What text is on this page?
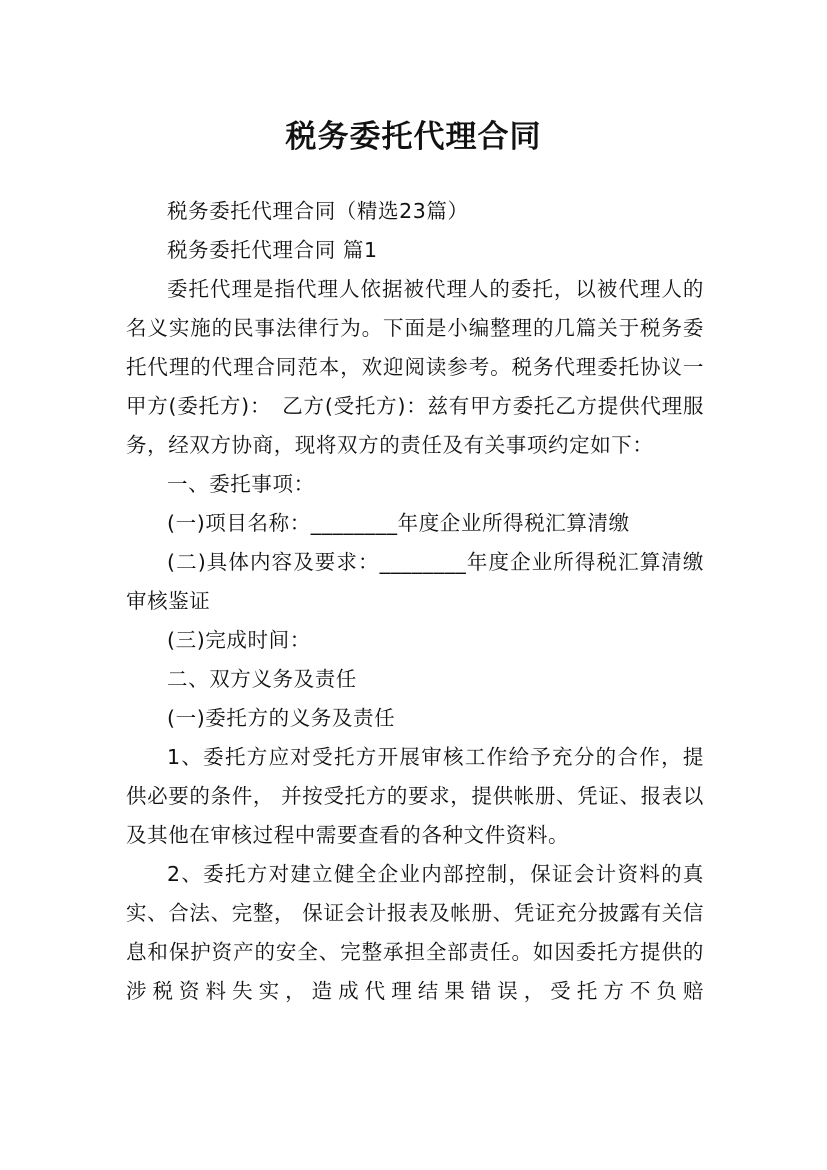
税务委托代理合同

税务委托代理合同（精选23篇）

税务委托代理合同 篇1

委托代理是指代理人依据被代理人的委托，以被代理人的名义实施的民事法律行为。下面是小编整理的几篇关于税务委托代理的代理合同范本，欢迎阅读参考。税务代理委托协议一甲方(委托方)：　乙方(受托方)：兹有甲方委托乙方提供代理服务，经双方协商，现将双方的责任及有关事项约定如下：

一、委托事项：

(一)项目名称：________年度企业所得税汇算清缴

(二)具体内容及要求：________年度企业所得税汇算清缴审核鉴证

(三)完成时间：

二、双方义务及责任

(一)委托方的义务及责任

1、委托方应对受托方开展审核工作给予充分的合作，提供必要的条件， 并按受托方的要求，提供帐册、凭证、报表以及其他在审核过程中需要查看的各种文件资料。

2、委托方对建立健全企业内部控制，保证会计资料的真实、合法、完整， 保证会计报表及帐册、凭证充分披露有关信息和保护资产的安全、完整承担全部责任。如因委托方提供的涉税资料失实，造成代理结果错误，受托方不负赔
